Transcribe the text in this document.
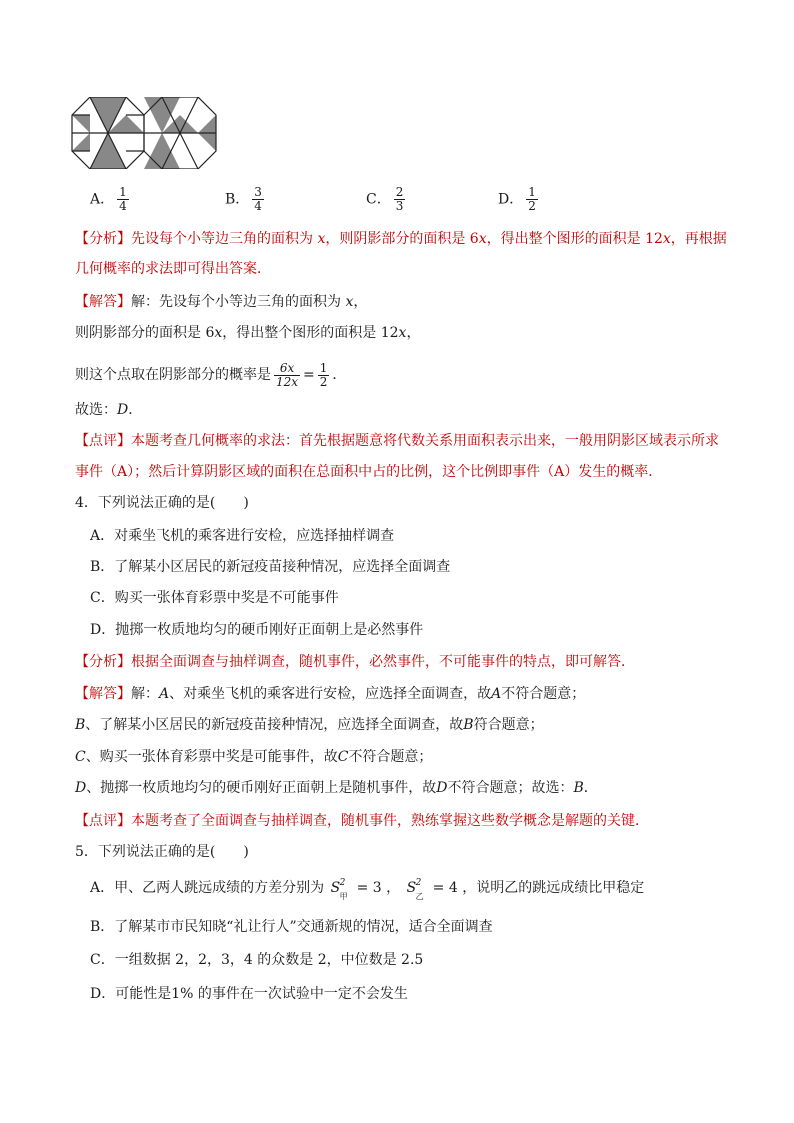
A． $\frac{1}{4}$	B． $\frac{3}{4}$	C． $\frac{2}{3}$	D． $\frac{1}{2}$
【分析】先设每个小等边三角的面积为 x，则阴影部分的面积是 6x，得出整个图形的面积是 12x，再根据
几何概率的求法即可得出答案．
【解答】解：先设每个小等边三角的面积为 x，
则阴影部分的面积是 6x，得出整个图形的面积是 12x，
则这个点取在阴影部分的概率是 $\frac{6x}{12x} = \frac{1}{2}$ ．
故选：D．
【点评】本题考查几何概率的求法：首先根据题意将代数关系用面积表示出来，一般用阴影区域表示所求
事件（A）；然后计算阴影区域的面积在总面积中占的比例，这个比例即事件（A）发生的概率．
4．下列说法正确的是(　　)
A．对乘坐飞机的乘客进行安检，应选择抽样调查
B．了解某小区居民的新冠疫苗接种情况，应选择全面调查
C．购买一张体育彩票中奖是不可能事件
D．抛掷一枚质地均匀的硬币刚好正面朝上是必然事件
【分析】根据全面调查与抽样调查，随机事件，必然事件，不可能事件的特点，即可解答．
【解答】解：A、对乘坐飞机的乘客进行安检，应选择全面调查，故A不符合题意；
B、了解某小区居民的新冠疫苗接种情况，应选择全面调查，故B符合题意；
C、购买一张体育彩票中奖是可能事件，故C不符合题意；
D、抛掷一枚质地均匀的硬币刚好正面朝上是随机事件，故D不符合题意；故选：B．
【点评】本题考查了全面调查与抽样调查，随机事件，熟练掌握这些数学概念是解题的关键．
5．下列说法正确的是(　　)
A．甲、乙两人跳远成绩的方差分别为 S 2
甲
= 3 ， S 2
乙
= 4 ，说明乙的跳远成绩比甲稳定
B．了解某市市民知晓“礼让行人”交通新规的情况，适合全面调查
C．一组数据 2，2，3，4 的众数是 2，中位数是 2.5
D．可能性是1% 的事件在一次试验中一定不会发生
